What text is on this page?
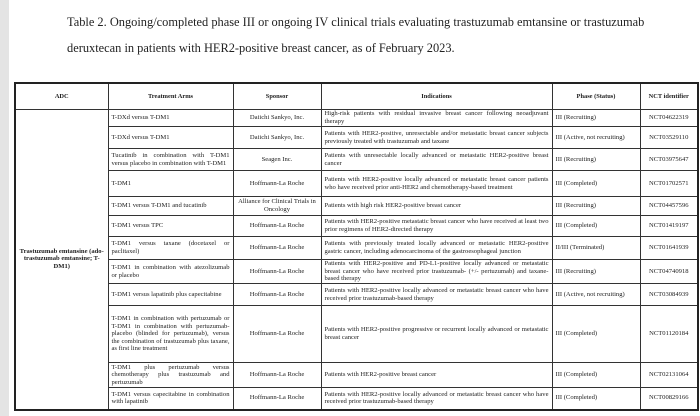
Table 2. Ongoing/completed phase III or ongoing IV clinical trials evaluating trastuzumab emtansine or trastuzumab deruxtecan in patients with HER2-positive breast cancer, as of February 2023.
ADC	Treatment Arms	Sponsor	Indications	Phase (Status)	NCT identifier
Trastuzumab emtansine (ado-trastuzumab emtansine; T-DM1)	T-DXd versus T-DM1	Daiichi Sankyo, Inc.	High-risk patients with residual invasive breast cancer following neoadjuvant therapy	III (Recruiting)	NCT04622319
	T-DXd versus T-DM1	Daiichi Sankyo, Inc.	Patients with HER2-positive, unresectable and/or metastatic breast cancer subjects previously treated with trastuzumab and taxane	III (Active, not recruiting)	NCT03529110
	Tucatinib in combination with T-DM1 versus placebo in combination with T-DM1	Seagen Inc.	Patients with unresectable locally advanced or metastatic HER2-positive breast cancer	III (Recruiting)	NCT03975647
	T-DM1	Hoffmann-La Roche	Patients with HER2-positive locally advanced or metastatic breast cancer patients who have received prior anti-HER2 and chemotherapy-based treatment	III (Completed)	NCT01702571
	T-DM1 versus T-DM1 and tucatinib	Alliance for Clinical Trials in Oncology	Patients with high risk HER2-positive breast cancer	III (Recruiting)	NCT04457596
	T-DM1 versus TPC	Hoffmann-La Roche	Patients with HER2-positive metastatic breast cancer who have received at least two prior regimens of HER2-directed therapy	III (Completed)	NCT01419197
	T-DM1 versus taxane (docetaxel or paclitaxel)	Hoffmann-La Roche	Patients with previously treated locally advanced or metastatic HER2-positive gastric cancer, including adenocarcinoma of the gastroesophageal junction	II/III (Terminated)	NCT01641939
	T-DM1 in combination with atezolizumab or placebo	Hoffmann-La Roche	Patients with HER2-positive and PD-L1-positive locally advanced or metastatic breast cancer who have received prior trastuzumab- (+/- pertuzumab) and taxane-based therapy	III (Recruiting)	NCT04740918
	T-DM1 versus lapatinib plus capecitabine	Hoffmann-La Roche	Patients with HER2-positive locally advanced or metastatic breast cancer who have received prior trastuzumab-based therapy	III (Active, not recruiting)	NCT03084939
	T-DM1 in combination with pertuzumab or T-DM1 in combination with pertuzumab-placebo (blinded for pertuzumab), versus the combination of trastuzumab plus taxane, as first line treatment	Hoffmann-La Roche	Patients with HER2-positive progressive or recurrent locally advanced or metastatic breast cancer	III (Completed)	NCT01120184
	T-DM1 plus pertuzumab versus chemotherapy plus trastuzumab and pertuzumab	Hoffmann-La Roche	Patients with HER2-positive breast cancer	III (Completed)	NCT02131064
	T-DM1 versus capecitabine in combination with lapatinib	Hoffmann-La Roche	Patients with HER2-positive locally advanced or metastatic breast cancer who have received prior trastuzumab-based therapy	III (Completed)	NCT00829166
